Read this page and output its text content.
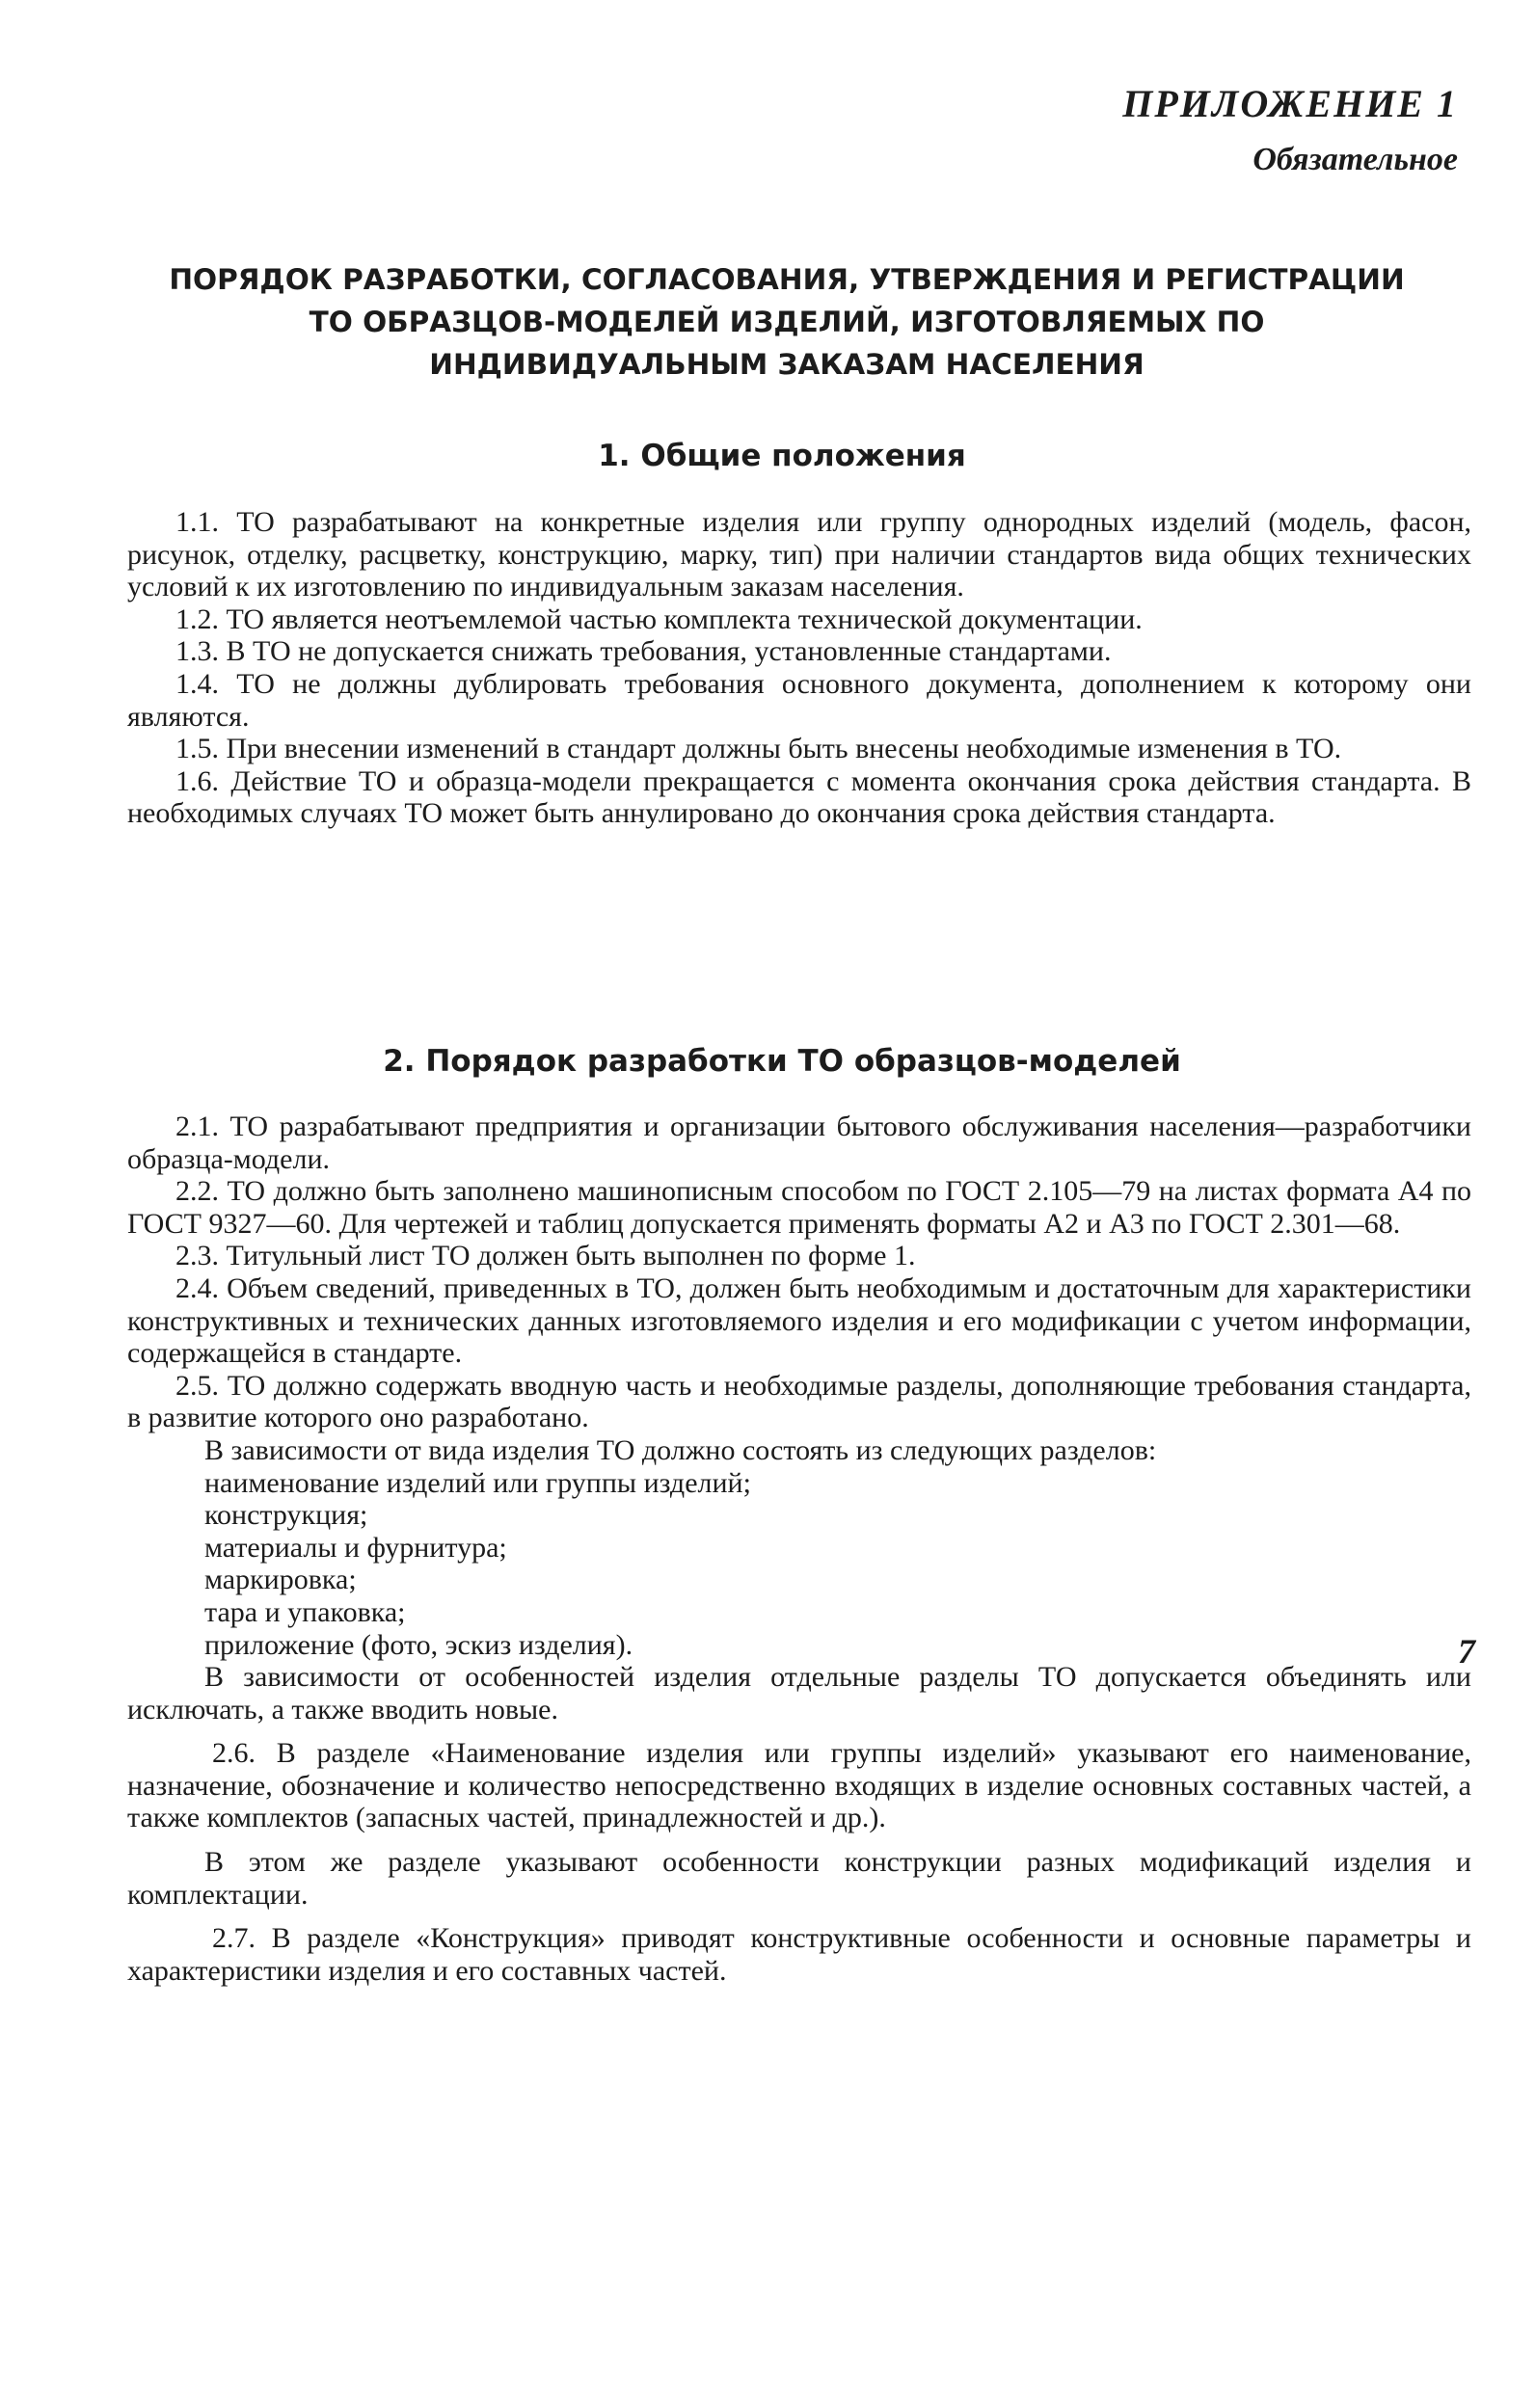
ПРИЛОЖЕНИЕ 1
Обязательное
ПОРЯДОК РАЗРАБОТКИ, СОГЛАСОВАНИЯ, УТВЕРЖДЕНИЯ И РЕГИСТРАЦИИ
ТО ОБРАЗЦОВ-МОДЕЛЕЙ ИЗДЕЛИЙ, ИЗГОТОВЛЯЕМЫХ ПО
ИНДИВИДУАЛЬНЫМ ЗАКАЗАМ НАСЕЛЕНИЯ
1. Общие положения
1.1. ТО разрабатывают на конкретные изделия или группу однородных изделий (модель, фасон, рисунок, отделку, расцветку, конструкцию, марку, тип) при наличии стандартов вида общих технических условий к их изготовлению по индивидуальным заказам населения.
1.2. ТО является неотъемлемой частью комплекта технической документации.
1.3. В ТО не допускается снижать требования, установленные стандартами.
1.4. ТО не должны дублировать требования основного документа, дополнением к которому они являются.
1.5. При внесении изменений в стандарт должны быть внесены необходимые изменения в ТО.
1.6. Действие ТО и образца-модели прекращается с момента окончания срока действия стандарта. В необходимых случаях ТО может быть аннулировано до окончания срока действия стандарта.
2. Порядок разработки ТО образцов-моделей
2.1. ТО разрабатывают предприятия и организации бытового обслуживания населения—разработчики образца-модели.
2.2. ТО должно быть заполнено машинописным способом по ГОСТ 2.105—79 на листах формата А4 по ГОСТ 9327—60. Для чертежей и таблиц допускается применять форматы А2 и А3 по ГОСТ 2.301—68.
2.3. Титульный лист ТО должен быть выполнен по форме 1.
2.4. Объем сведений, приведенных в ТО, должен быть необходимым и достаточным для характеристики конструктивных и технических данных изготовляемого изделия и его модификации с учетом информации, содержащейся в стандарте.
2.5. ТО должно содержать вводную часть и необходимые разделы, дополняющие требования стандарта, в развитие которого оно разработано.
В зависимости от вида изделия ТО должно состоять из следующих разделов:
наименование изделий или группы изделий;
конструкция;
материалы и фурнитура;
маркировка;
тара и упаковка;
приложение (фото, эскиз изделия).
В зависимости от особенностей изделия отдельные разделы ТО допускается объединять или исключать, а также вводить новые.
2.6. В разделе «Наименование изделия или группы изделий» указывают его наименование, назначение, обозначение и количество непосредственно входящих в изделие основных составных частей, а также комплектов (запасных частей, принадлежностей и др.).
В этом же разделе указывают особенности конструкции разных модификаций изделия и комплектации.
2.7. В разделе «Конструкция» приводят конструктивные особенности и основные параметры и характеристики изделия и его составных частей.
7
